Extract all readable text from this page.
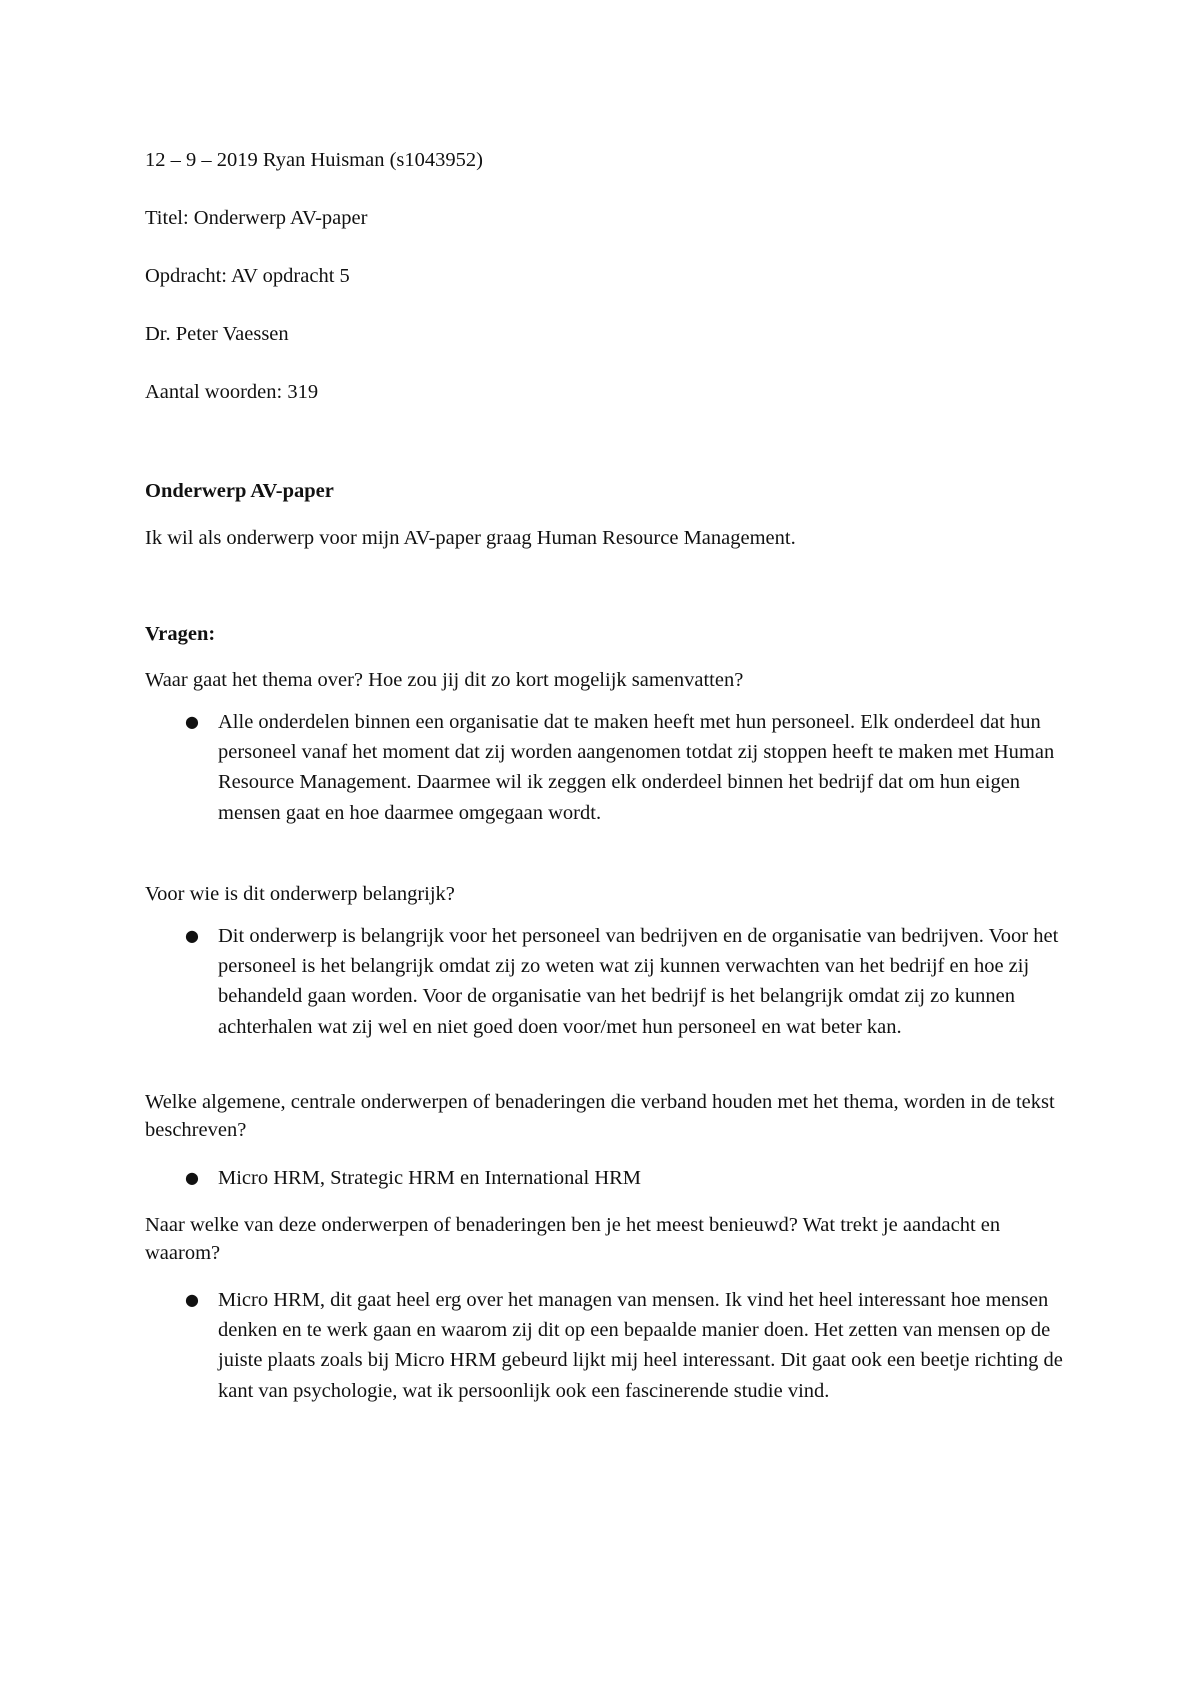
12 – 9 – 2019 Ryan Huisman (s1043952)
Titel: Onderwerp AV-paper
Opdracht: AV opdracht 5
Dr. Peter Vaessen
Aantal woorden: 319
Onderwerp AV-paper
Ik wil als onderwerp voor mijn AV-paper graag Human Resource Management.
Vragen:
Waar gaat het thema over? Hoe zou jij dit zo kort mogelijk samenvatten?
● Alle onderdelen binnen een organisatie dat te maken heeft met hun personeel. Elk onderdeel dat hun personeel vanaf het moment dat zij worden aangenomen totdat zij stoppen heeft te maken met Human Resource Management. Daarmee wil ik zeggen elk onderdeel binnen het bedrijf dat om hun eigen mensen gaat en hoe daarmee omgegaan wordt.
Voor wie is dit onderwerp belangrijk?
● Dit onderwerp is belangrijk voor het personeel van bedrijven en de organisatie van bedrijven. Voor het personeel is het belangrijk omdat zij zo weten wat zij kunnen verwachten van het bedrijf en hoe zij behandeld gaan worden. Voor de organisatie van het bedrijf is het belangrijk omdat zij zo kunnen achterhalen wat zij wel en niet goed doen voor/met hun personeel en wat beter kan.
Welke algemene, centrale onderwerpen of benaderingen die verband houden met het thema, worden in de tekst beschreven?
● Micro HRM, Strategic HRM en International HRM
Naar welke van deze onderwerpen of benaderingen ben je het meest benieuwd? Wat trekt je aandacht en waarom?
● Micro HRM, dit gaat heel erg over het managen van mensen. Ik vind het heel interessant hoe mensen denken en te werk gaan en waarom zij dit op een bepaalde manier doen. Het zetten van mensen op de juiste plaats zoals bij Micro HRM gebeurd lijkt mij heel interessant. Dit gaat ook een beetje richting de kant van psychologie, wat ik persoonlijk ook een fascinerende studie vind.
